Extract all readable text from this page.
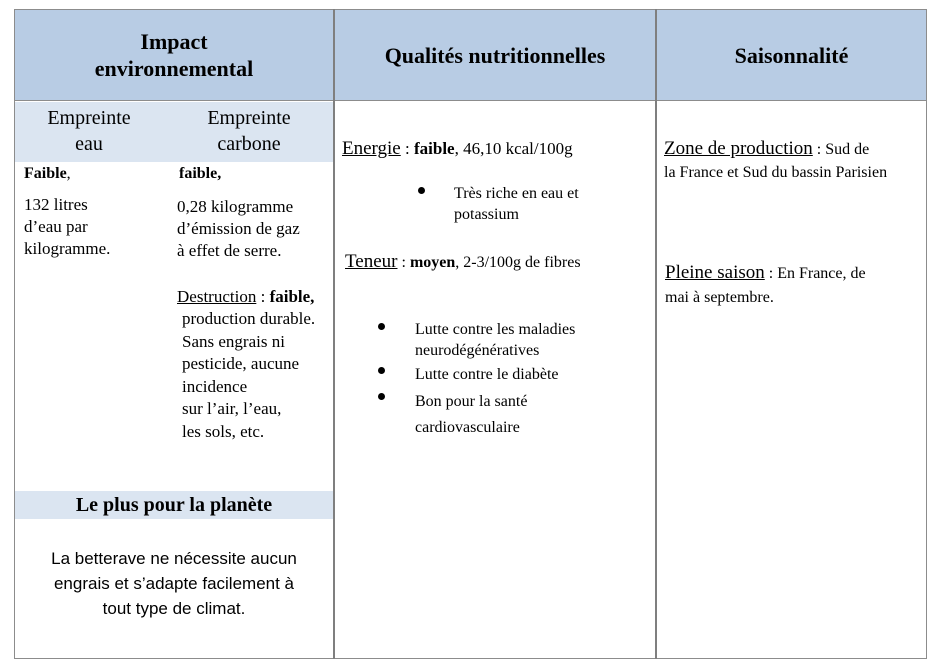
Impact environnemental
Qualités nutritionnelles	Saisonnalité
Empreinte
eau
Empreinte
carbone
Faible,
132 litres
d’eau par
kilogramme.
faible,
0,28 kilogramme
d’émission de gaz
à effet de serre.
Destruction : faible,
production durable.
Sans engrais ni
pesticide, aucune
incidence
sur l’air, l’eau,
les sols, etc.
Le plus pour la planète
La betterave ne nécessite aucun
engrais et s’adapte facilement à
tout type de climat.
Energie : faible, 46,10 kcal/100g
Très riche en eau et
potassium
Teneur : moyen, 2-3/100g de fibres
Lutte contre les maladies
neurodégénératives
Lutte contre le diabète
Bon pour la santé
cardiovasculaire
Zone de production : Sud de
la France et Sud du bassin Parisien
Pleine saison : En France, de
mai à septembre.
